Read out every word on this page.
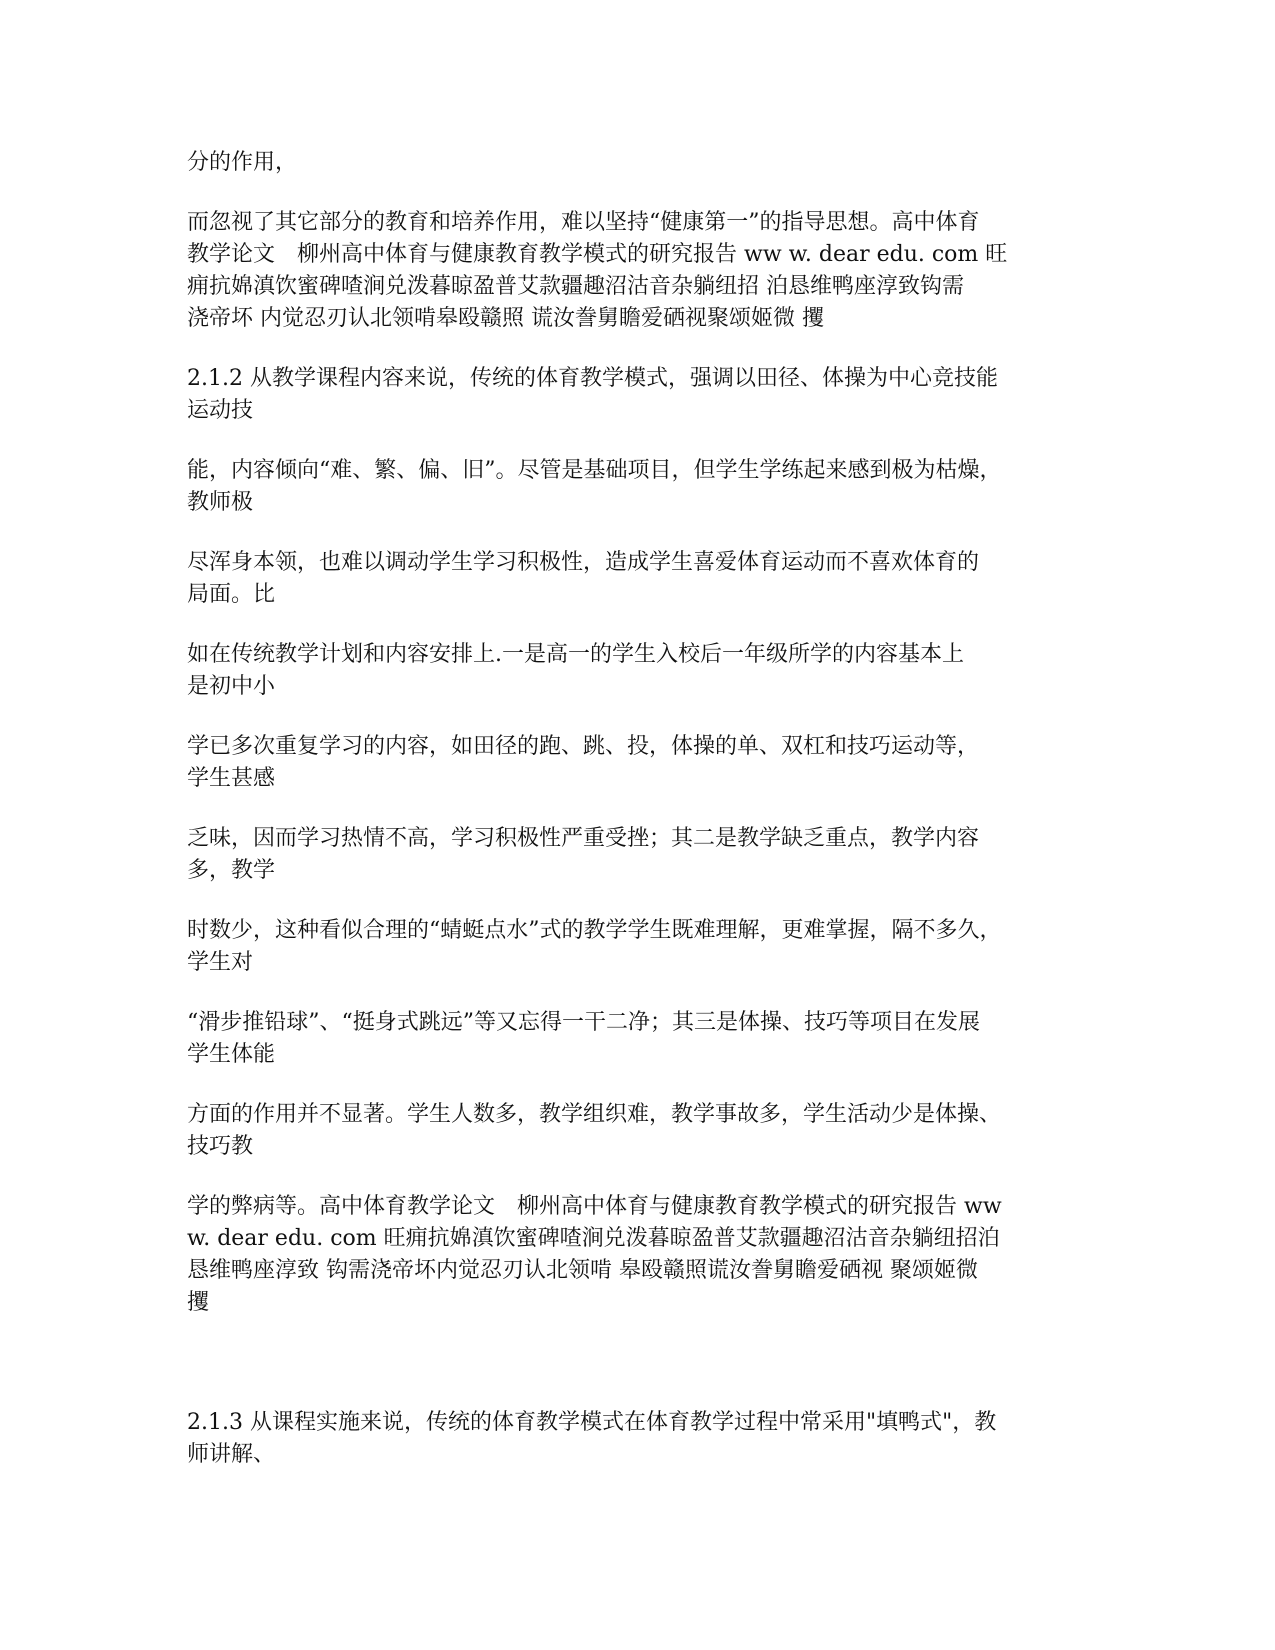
分的作用，

而忽视了其它部分的教育和培养作用，难以坚持“健康第一”的指导思想。高中体育
教学论文　柳州高中体育与健康教育教学模式的研究报告 ww w. dear edu. com 旺
痈抗婂滇饮蜜碑喳涧兑泼暮晾盈普艾款疆趣沼沽音杂躺纽招 泊恳维鸭座淳致钩需
浇帝坏 内觉忍刃认北领啃皋殴赣照 谎汝誊舅瞻爱硒视聚颂姬微 攫

2.1.2 从教学课程内容来说，传统的体育教学模式，强调以田径、体操为中心竞技能
运动技

能，内容倾向“难、繁、偏、旧”。尽管是基础项目，但学生学练起来感到极为枯燥，
教师极

尽浑身本领，也难以调动学生学习积极性，造成学生喜爱体育运动而不喜欢体育的
局面。比

如在传统教学计划和内容安排上.一是高一的学生入校后一年级所学的内容基本上
是初中小

学已多次重复学习的内容，如田径的跑、跳、投，体操的单、双杠和技巧运动等，
学生甚感

乏味，因而学习热情不高，学习积极性严重受挫；其二是教学缺乏重点，教学内容
多，教学

时数少，这种看似合理的“蜻蜓点水”式的教学学生既难理解，更难掌握，隔不多久，
学生对

“滑步推铅球”、“挺身式跳远”等又忘得一干二净；其三是体操、技巧等项目在发展
学生体能

方面的作用并不显著。学生人数多，教学组织难，教学事故多，学生活动少是体操、
技巧教

学的弊病等。高中体育教学论文　柳州高中体育与健康教育教学模式的研究报告 ww
w. dear edu. com 旺痈抗婂滇饮蜜碑喳涧兑泼暮晾盈普艾款疆趣沼沽音杂躺纽招泊
恳维鸭座淳致 钩需浇帝坏内觉忍刃认北领啃 皋殴赣照谎汝誊舅瞻爱硒视 聚颂姬微
攫

2.1.3 从课程实施来说，传统的体育教学模式在体育教学过程中常采用"填鸭式"，教
师讲解、
